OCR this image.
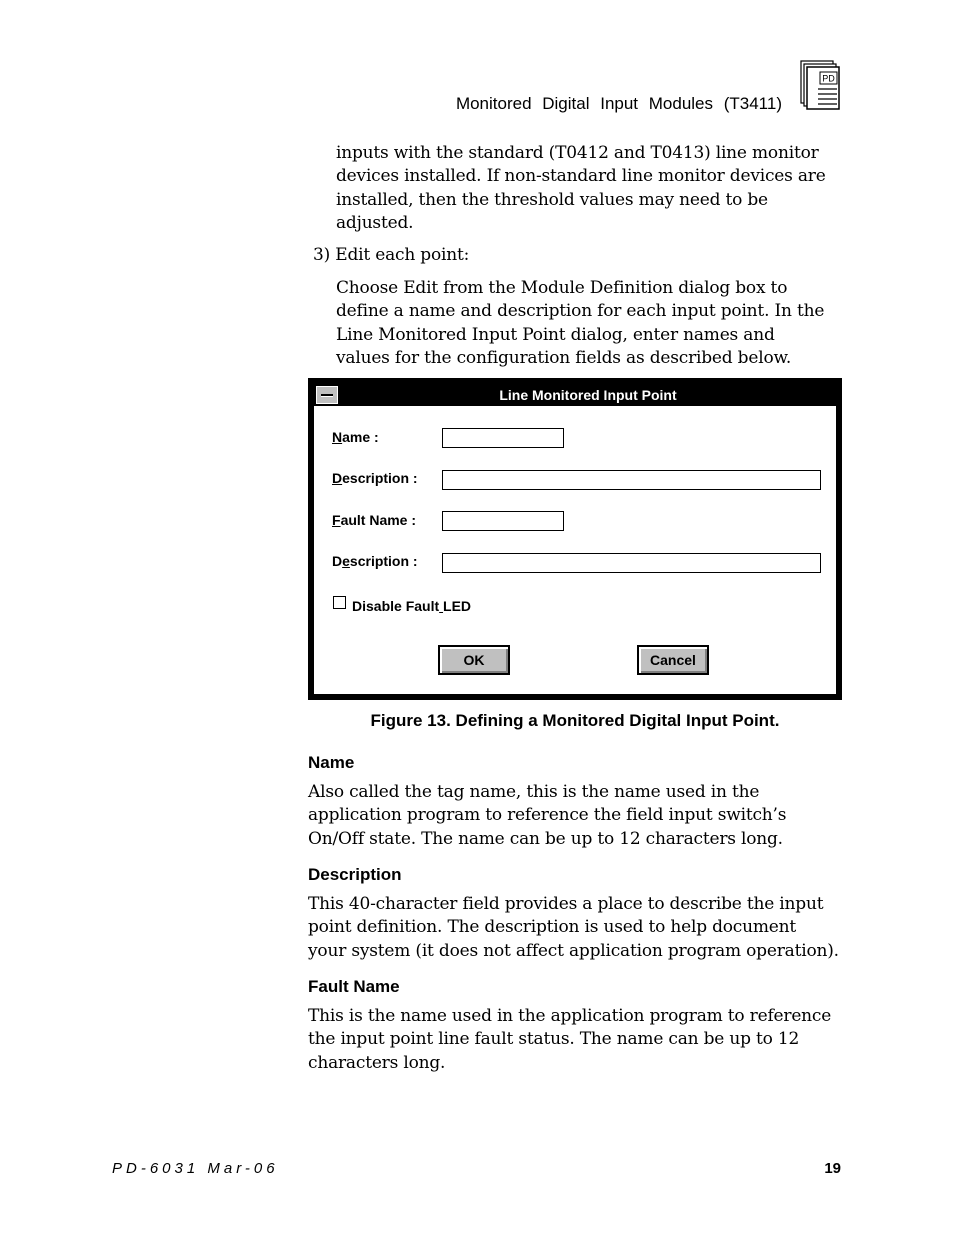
Monitored Digital Input Modules (T3411)
PD

inputs with the standard (T0412 and T0413) line monitor

devices installed. If non-standard line monitor devices are

installed, then the threshold values may need to be

adjusted.

3) Edit each point:

Choose Edit from the Module Definition dialog box to

define a name and description for each input point. In the

Line Monitored Input Point dialog, enter names and

values for the configuration fields as described below.

Line Monitored Input Point
Name :
Description :
Fault Name :
Description :
Disable Fault LED
OK	Cancel
Figure 13. Defining a Monitored Digital Input Point.
Name

Also called the tag name, this is the name used in the

application program to reference the field input switch’s

On/Off state. The name can be up to 12 characters long.

Description

This 40-character field provides a place to describe the input

point definition. The description is used to help document

your system (it does not affect application program operation).

Fault Name

This is the name used in the application program to reference

the input point line fault status. The name can be up to 12

characters long.

PD-6031 Mar-06	19
